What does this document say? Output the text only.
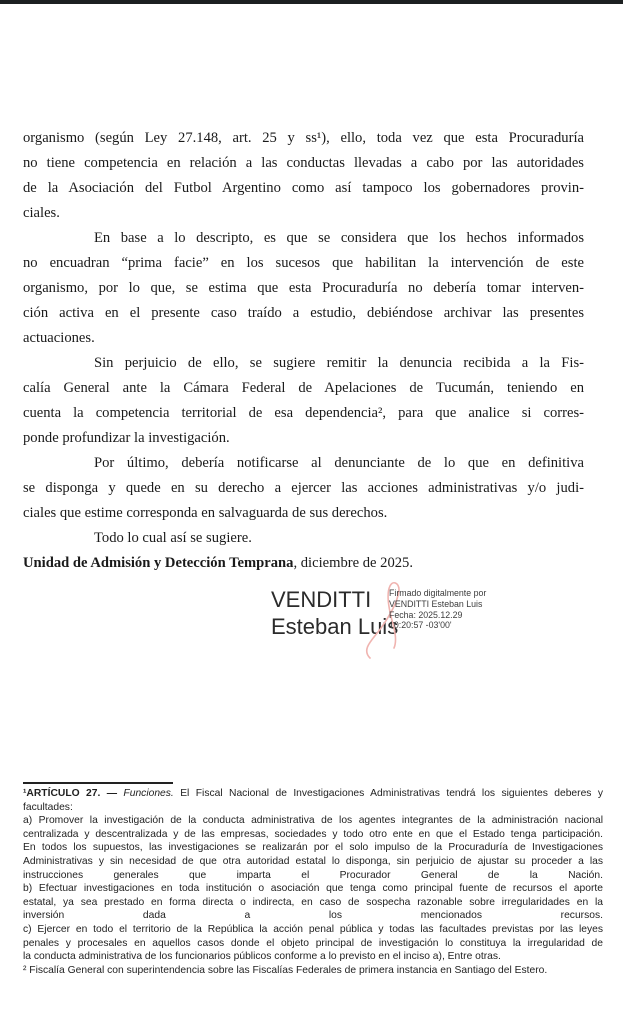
organismo (según Ley 27.148, art. 25 y ss¹), ello, toda vez que esta Procuraduría
no tiene competencia en relación a las conductas llevadas a cabo por las autoridades
de la Asociación del Futbol Argentino como así tampoco los gobernadores provin-
ciales.
En base a lo descripto, es que se considera que los hechos informados
no encuadran “prima facie” en los sucesos que habilitan la intervención de este
organismo, por lo que, se estima que esta Procuraduría no debería tomar interven-
ción activa en el presente caso traído a estudio, debiéndose archivar las presentes
actuaciones.
Sin perjuicio de ello, se sugiere remitir la denuncia recibida a la Fis-
calía General ante la Cámara Federal de Apelaciones de Tucumán, teniendo en
cuenta la competencia territorial de esa dependencia², para que analice si corres-
ponde profundizar la investigación.
Por último, debería notificarse al denunciante de lo que en definitiva
se disponga y quede en su derecho a ejercer las acciones administrativas y/o judi-
ciales que estime corresponda en salvaguarda de sus derechos.
Todo lo cual así se sugiere.
Unidad de Admisión y Detección Temprana, diciembre de 2025.
VENDITTI
Esteban Luis
Firmado digitalmente por
VENDITTI Esteban Luis
Fecha: 2025.12.29
10:20:57 -03'00'
¹ARTÍCULO 27. — Funciones. El Fiscal Nacional de Investigaciones Administrativas tendrá los siguientes deberes y
facultades:
a) Promover la investigación de la conducta administrativa de los agentes integrantes de la administración nacional
centralizada y descentralizada y de las empresas, sociedades y todo otro ente en que el Estado tenga participación.
En todos los supuestos, las investigaciones se realizarán por el solo impulso de la Procuraduría de Investigaciones
Administrativas y sin necesidad de que otra autoridad estatal lo disponga, sin perjuicio de ajustar su proceder a las
instrucciones generales que imparta el Procurador General de la Nación.
b) Efectuar investigaciones en toda institución o asociación que tenga como principal fuente de recursos el aporte
estatal, ya sea prestado en forma directa o indirecta, en caso de sospecha razonable sobre irregularidades en la
inversión dada a los mencionados recursos.
c) Ejercer en todo el territorio de la República la acción penal pública y todas las facultades previstas por las leyes
penales y procesales en aquellos casos donde el objeto principal de investigación lo constituya la irregularidad de
la conducta administrativa de los funcionarios públicos conforme a lo previsto en el inciso a), Entre otras.
² Fiscalía General con superintendencia sobre las Fiscalías Federales de primera instancia en Santiago del Estero.
